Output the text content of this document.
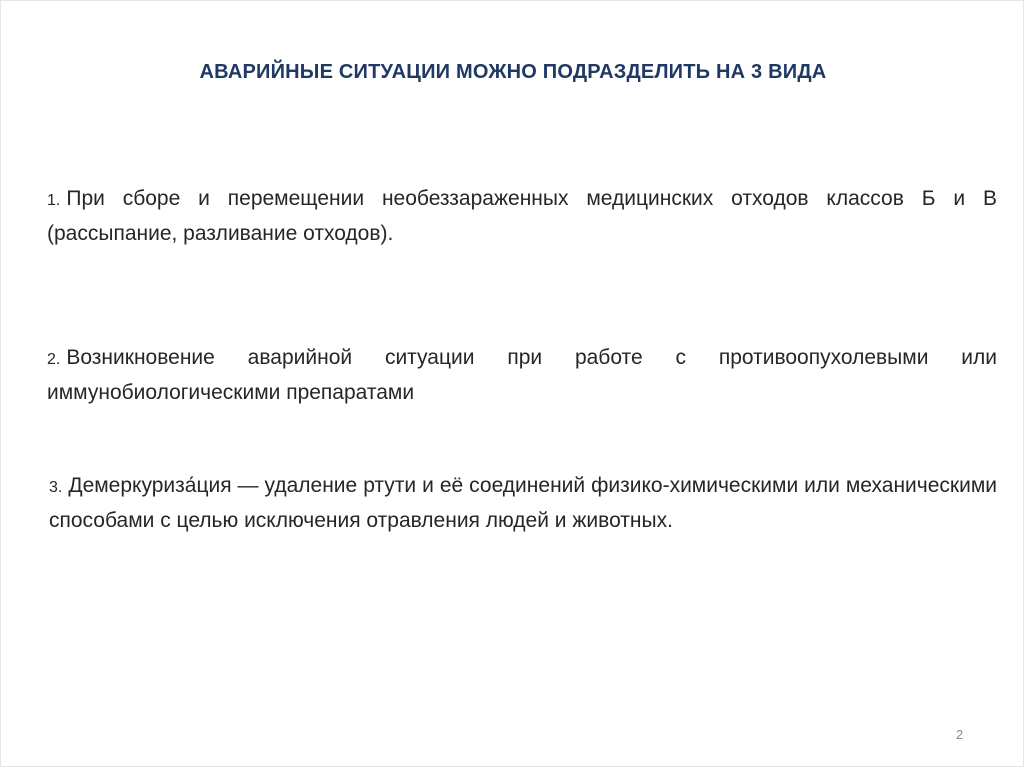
АВАРИЙНЫЕ СИТУАЦИИ МОЖНО ПОДРАЗДЕЛИТЬ НА 3 ВИДА
1. При сборе и перемещении необеззараженных медицинских отходов классов Б и В (рассыпание, разливание отходов).
2. Возникновение аварийной ситуации при работе с противоопухолевыми или иммунобиологическими препаратами
3. Демеркуриза́ция — удаление ртути и её соединений физико-химическими или механическими способами с целью исключения отравления людей и животных.
2
